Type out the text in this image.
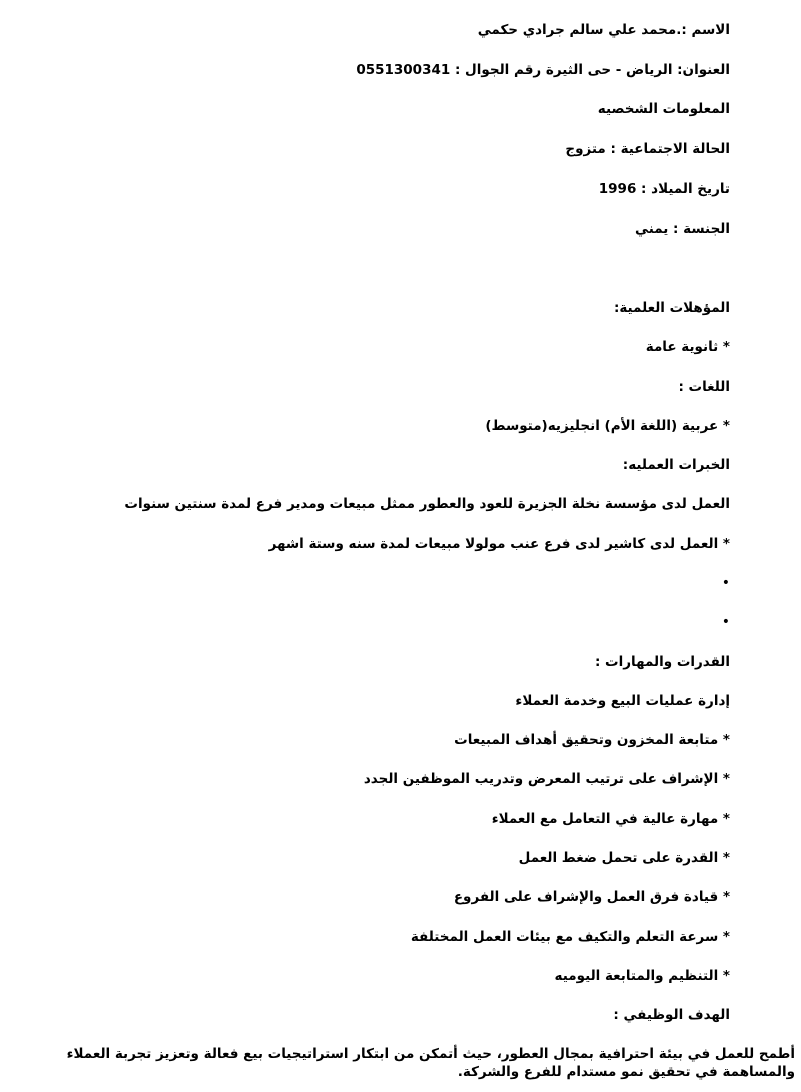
الاسم :.محمد علي سالم جرادي حكمي
العنوان: الرياض - حى الثيرة رقم الجوال : 0551300341
المعلومات الشخصيه
الحالة الاجتماعية : متزوج
تاريخ الميلاد : 1996
الجنسة : يمني
المؤهلات العلمية:
* ثانوية عامة
اللغات :
* عربية (اللغة الأم) انجليزيه(متوسط)
الخبرات العمليه:
العمل لدى مؤسسة نخلة الجزيرة للعود والعطور ممثل مبيعات ومدير فرع لمدة سنتين سنوات
* العمل لدى كاشير لدى فرع عنب مولولا مبيعات لمدة سنه وستة اشهر
•
•
القدرات والمهارات :
إدارة عمليات البيع وخدمة العملاء
* متابعة المخزون وتحقيق أهداف المبيعات
* الإشراف على ترتيب المعرض وتدريب الموظفين الجدد
* مهارة عالية في التعامل مع العملاء
* القدرة على تحمل ضغط العمل
* قيادة فرق العمل والإشراف على الفروع
* سرعة التعلم والتكيف مع بيئات العمل المختلفة
* التنظيم والمتابعة اليوميه
الهدف الوظيفي :
أطمح للعمل في بيئة احترافية بمجال العطور، حيث أتمكن من ابتكار استراتيجيات بيع فعالة وتعزيز تجربة العملاء والمساهمة في تحقيق نمو مستدام للفرع والشركة.
